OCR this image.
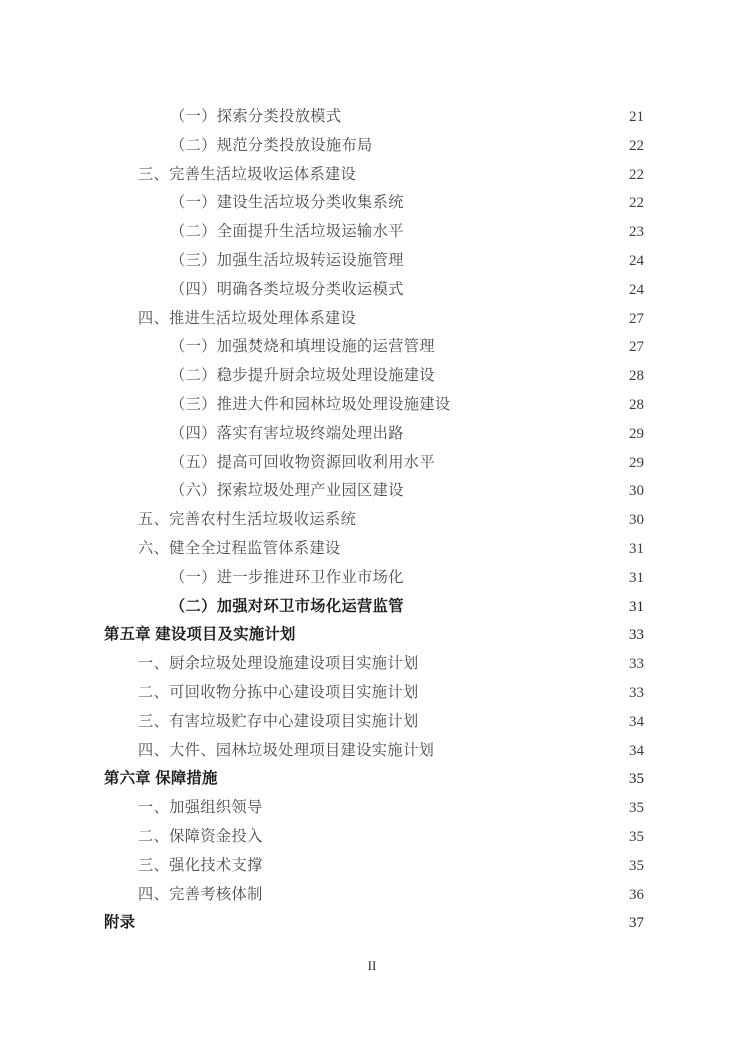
（一）探索分类投放模式	21
（二）规范分类投放设施布局	22
三、完善生活垃圾收运体系建设	22
（一）建设生活垃圾分类收集系统	22
（二）全面提升生活垃圾运输水平	23
（三）加强生活垃圾转运设施管理	24
（四）明确各类垃圾分类收运模式	24
四、推进生活垃圾处理体系建设	27
（一）加强焚烧和填埋设施的运营管理	27
（二）稳步提升厨余垃圾处理设施建设	28
（三）推进大件和园林垃圾处理设施建设	28
（四）落实有害垃圾终端处理出路	29
（五）提高可回收物资源回收利用水平	29
（六）探索垃圾处理产业园区建设	30
五、完善农村生活垃圾收运系统	30
六、健全全过程监管体系建设	31
（一）进一步推进环卫作业市场化	31
（二）加强对环卫市场化运营监管	31
第五章 建设项目及实施计划	33
一、厨余垃圾处理设施建设项目实施计划	33
二、可回收物分拣中心建设项目实施计划	33
三、有害垃圾贮存中心建设项目实施计划	34
四、大件、园林垃圾处理项目建设实施计划	34
第六章 保障措施	35
一、加强组织领导	35
二、保障资金投入	35
三、强化技术支撑	35
四、完善考核体制	36
附录	37
II
